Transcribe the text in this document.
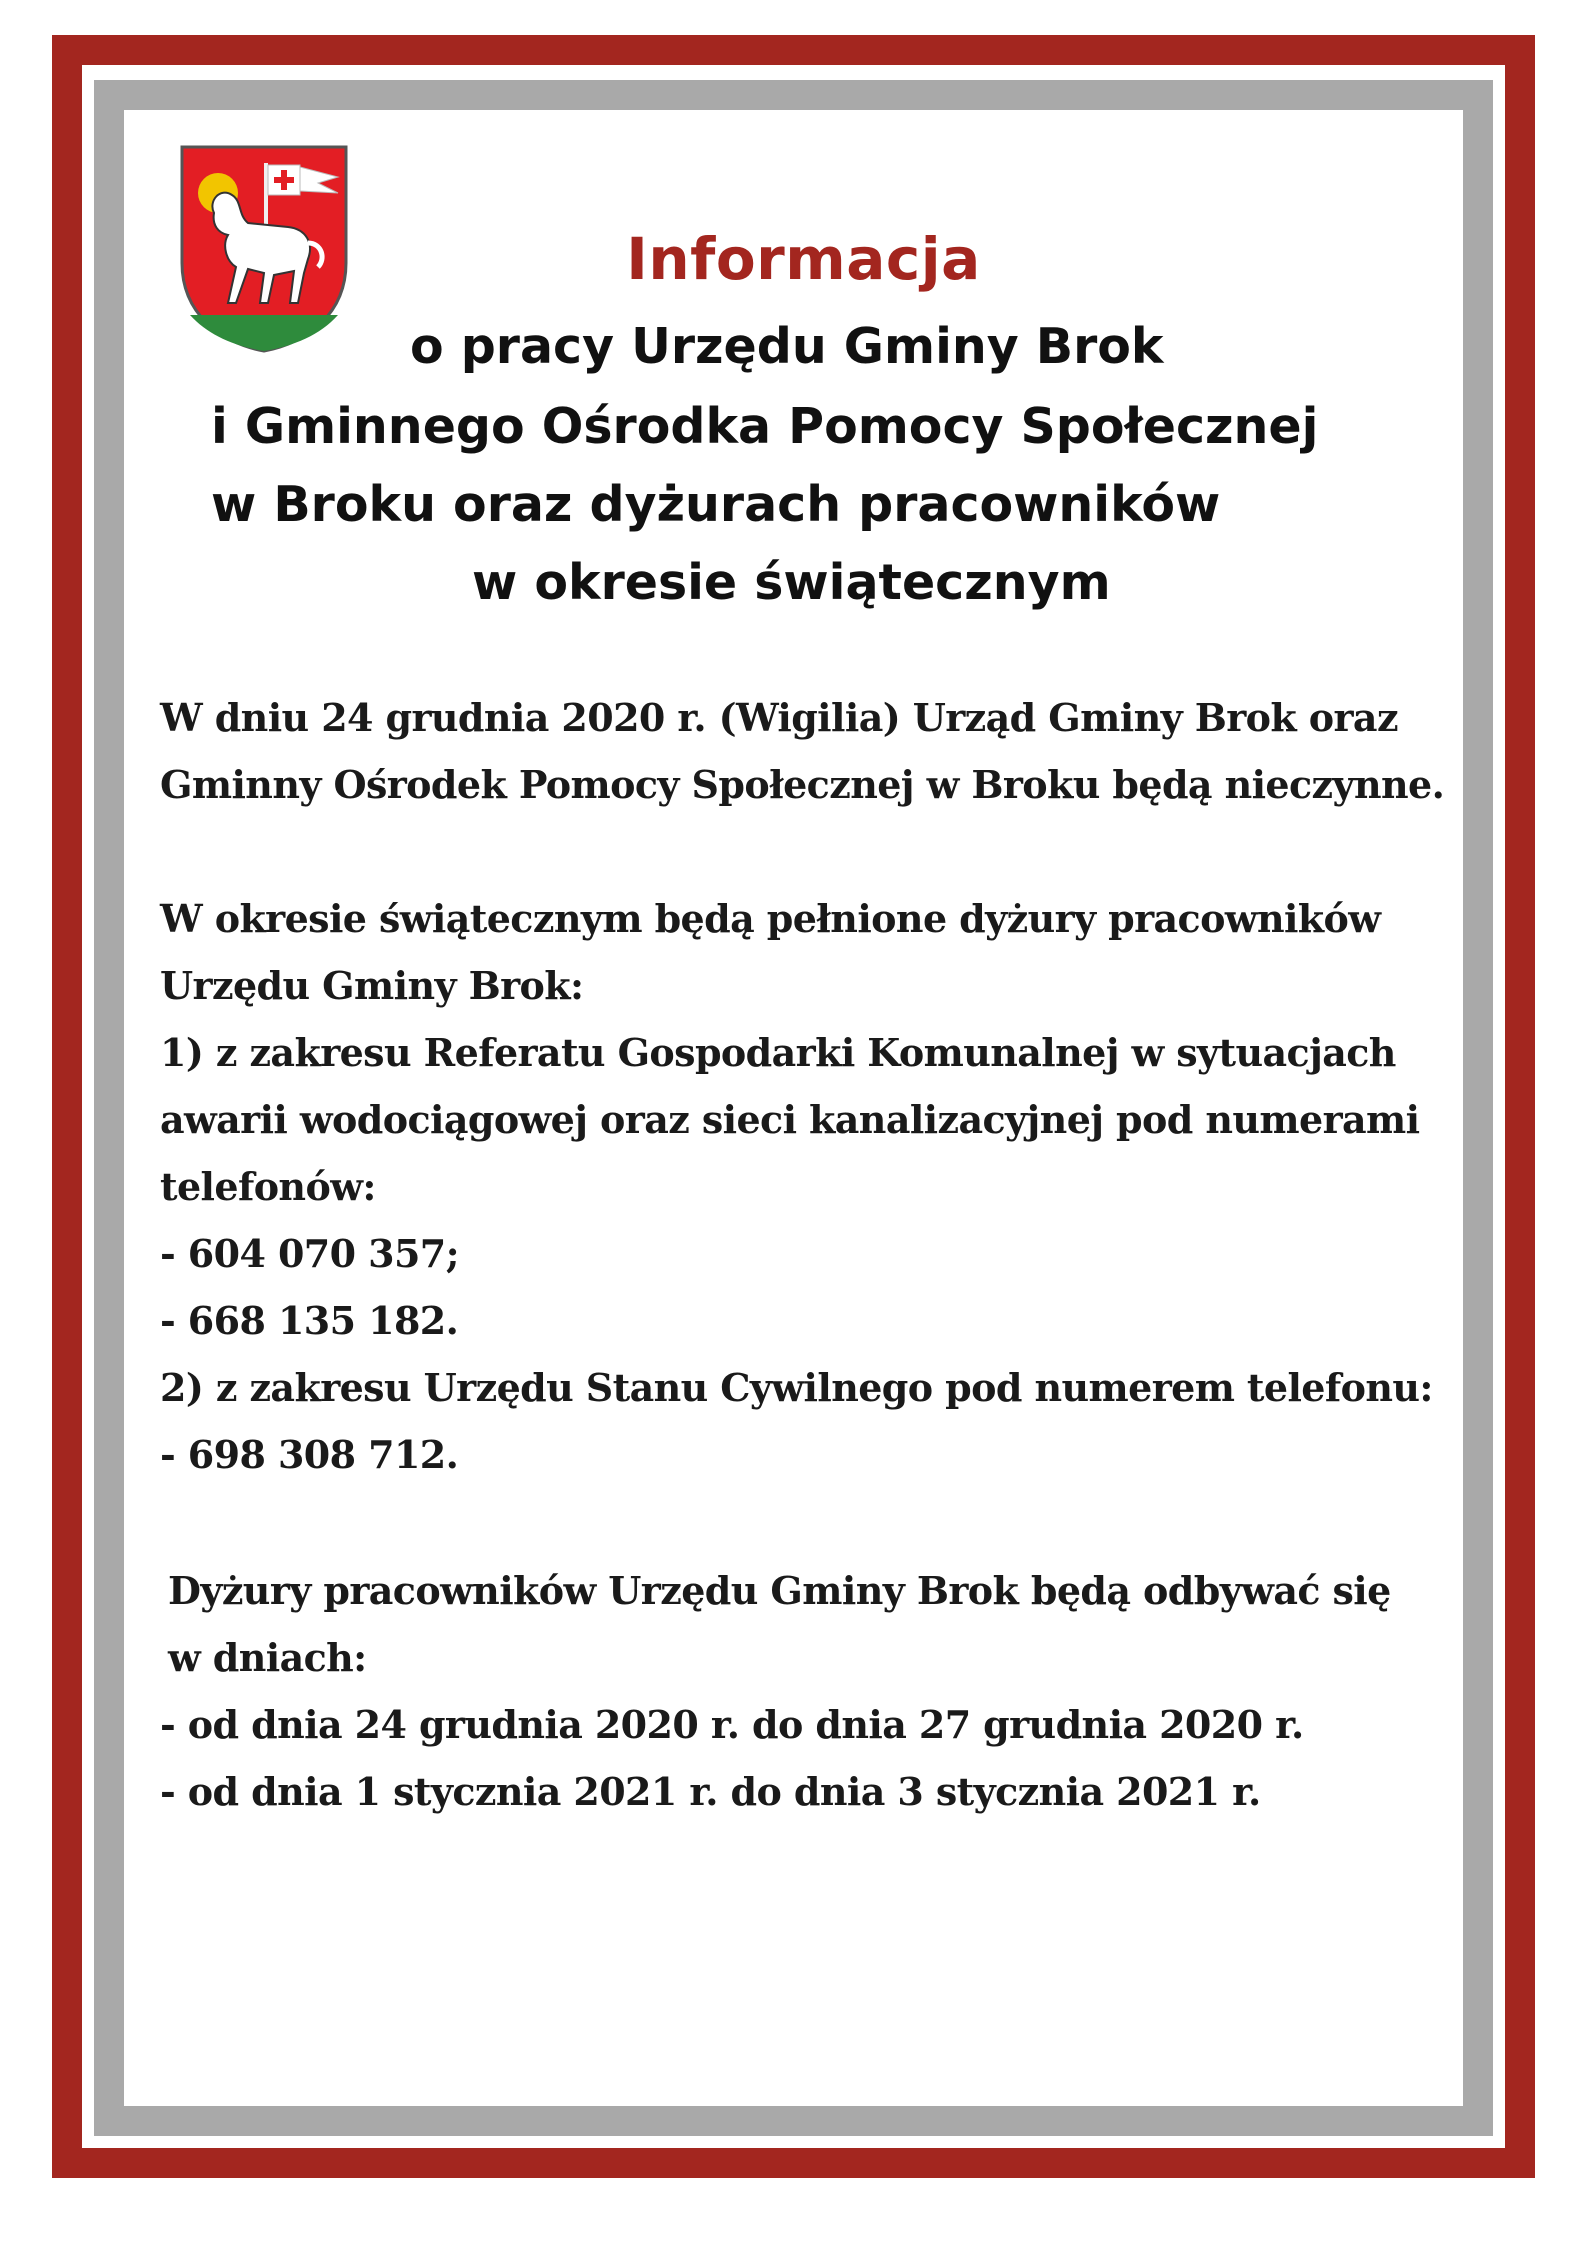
Informacja
o pracy Urzędu Gminy Brok
i Gminnego Ośrodka Pomocy Społecznej
w Broku oraz dyżurach pracowników
w okresie świątecznym
W dniu 24 grudnia 2020 r. (Wigilia) Urząd Gminy Brok oraz
Gminny Ośrodek Pomocy Społecznej w Broku będą nieczynne.
W okresie świątecznym będą pełnione dyżury pracowników
Urzędu Gminy Brok:
1) z zakresu Referatu Gospodarki Komunalnej w sytuacjach
awarii wodociągowej oraz sieci kanalizacyjnej pod numerami
telefonów:
- 604 070 357;
- 668 135 182.
2) z zakresu Urzędu Stanu Cywilnego pod numerem telefonu:
- 698 308 712.
Dyżury pracowników Urzędu Gminy Brok będą odbywać się
w dniach:
- od dnia 24 grudnia 2020 r. do dnia 27 grudnia 2020 r.
- od dnia 1 stycznia 2021 r. do dnia 3 stycznia 2021 r.
